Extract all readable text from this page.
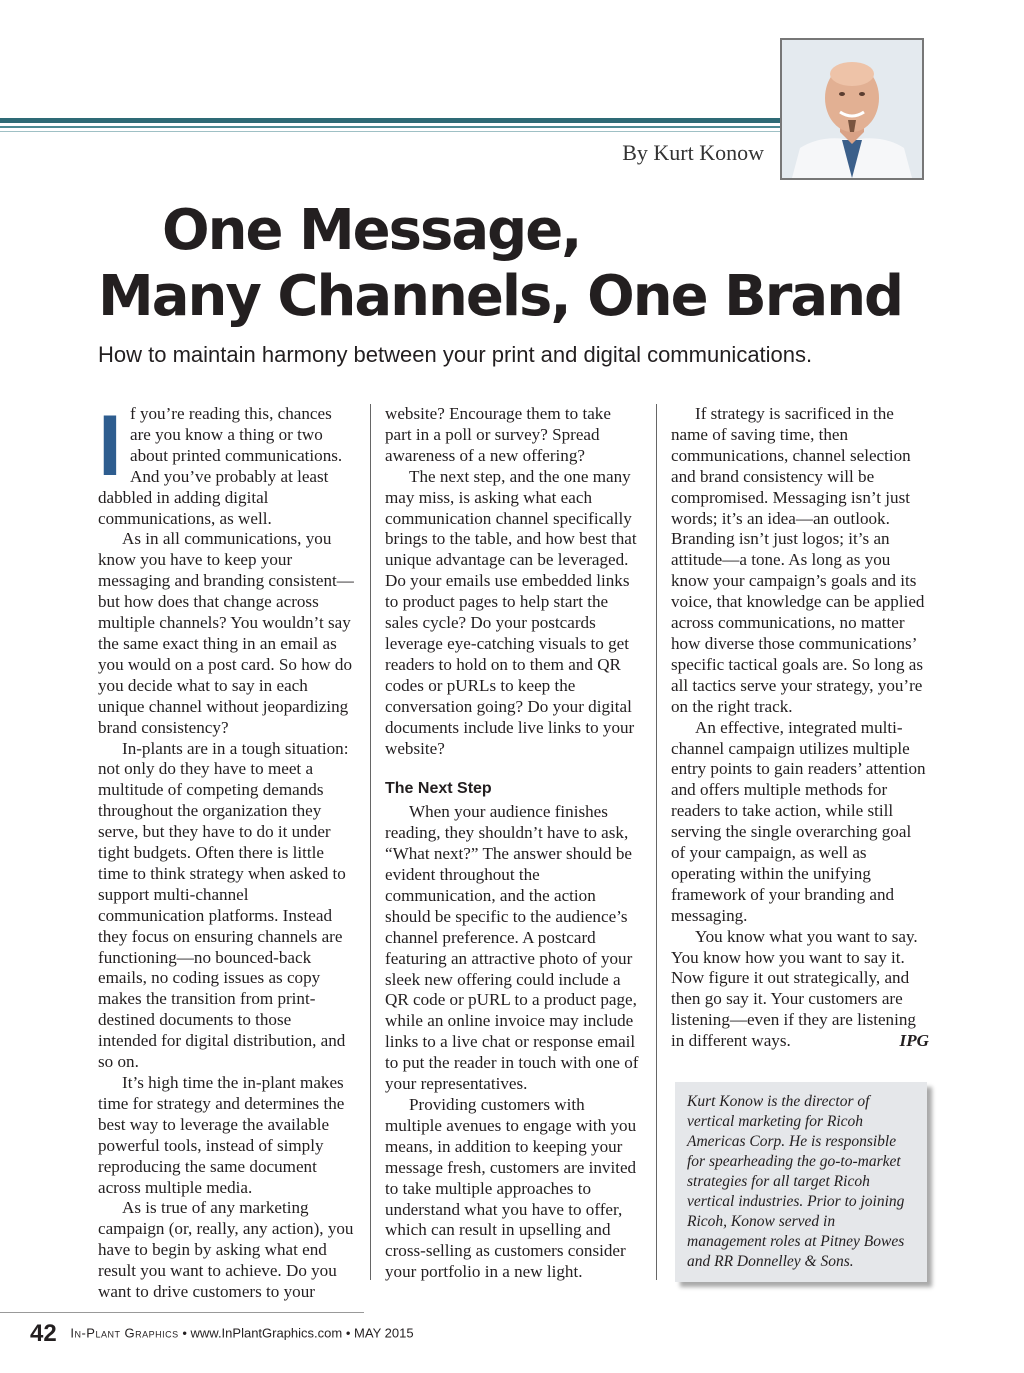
By Kurt Konow
One Message,
Many Channels, One Brand
How to maintain harmony between your print and digital communications.

If you’re reading this, chances are you know a thing or two about printed communications. And you’ve probably at least dabbled in adding digital communications, as well.

As in all communications, you know you have to keep your messaging and branding consistent—but how does that change across multiple channels? You wouldn’t say the same exact thing in an email as you would on a post card. So how do you decide what to say in each unique channel without jeopardizing brand consistency?

In-plants are in a tough situation: not only do they have to meet a multitude of competing demands throughout the organization they serve, but they have to do it under tight budgets. Often there is little time to think strategy when asked to support multi-channel communication platforms. Instead they focus on ensuring channels are functioning—no bounced-back emails, no coding issues as copy makes the transition from print-destined documents to those intended for digital distribution, and so on.

It’s high time the in-plant makes time for strategy and determines the best way to leverage the available powerful tools, instead of simply reproducing the same document across multiple media.

As is true of any marketing campaign (or, really, any action), you have to begin by asking what end result you want to achieve. Do you want to drive customers to your

website? Encourage them to take part in a poll or survey? Spread awareness of a new offering?

The next step, and the one many may miss, is asking what each communication channel specifically brings to the table, and how best that unique advantage can be leveraged. Do your emails use embedded links to product pages to help start the sales cycle? Do your postcards leverage eye-catching visuals to get readers to hold on to them and QR codes or pURLs to keep the conversation going? Do your digital documents include live links to your website?

The Next Step

When your audience finishes reading, they shouldn’t have to ask, “What next?” The answer should be evident throughout the communication, and the action should be specific to the audience’s channel preference. A postcard featuring an attractive photo of your sleek new offering could include a QR code or pURL to a product page, while an online invoice may include links to a live chat or response email to put the reader in touch with one of your representatives.

Providing customers with multiple avenues to engage with you means, in addition to keeping your message fresh, customers are invited to take multiple approaches to understand what you have to offer, which can result in upselling and cross-selling as customers consider your portfolio in a new light.

If strategy is sacrificed in the name of saving time, then communications, channel selection and brand consistency will be compromised. Messaging isn’t just words; it’s an idea—an outlook. Branding isn’t just logos; it’s an attitude—a tone. As long as you know your campaign’s goals and its voice, that knowledge can be applied across communications, no matter how diverse those communications’ specific tactical goals are. So long as all tactics serve your strategy, you’re on the right track.

An effective, integrated multi-channel campaign utilizes multiple entry points to gain readers’ attention and offers multiple methods for readers to take action, while still serving the single overarching goal of your campaign, as well as operating within the unifying framework of your branding and messaging.

You know what you want to say. You know how you want to say it. Now figure it out strategically, and then go say it. Your customers are listening—even if they are listening in different ways.	IPG

Kurt Konow is the director of vertical marketing for Ricoh Americas Corp. He is responsible for spearheading the go-to-market strategies for all target Ricoh vertical industries. Prior to joining Ricoh, Konow served in management roles at Pitney Bowes and RR Donnelley & Sons.
42 In-Plant Graphics • www.InPlantGraphics.com • MAY 2015
